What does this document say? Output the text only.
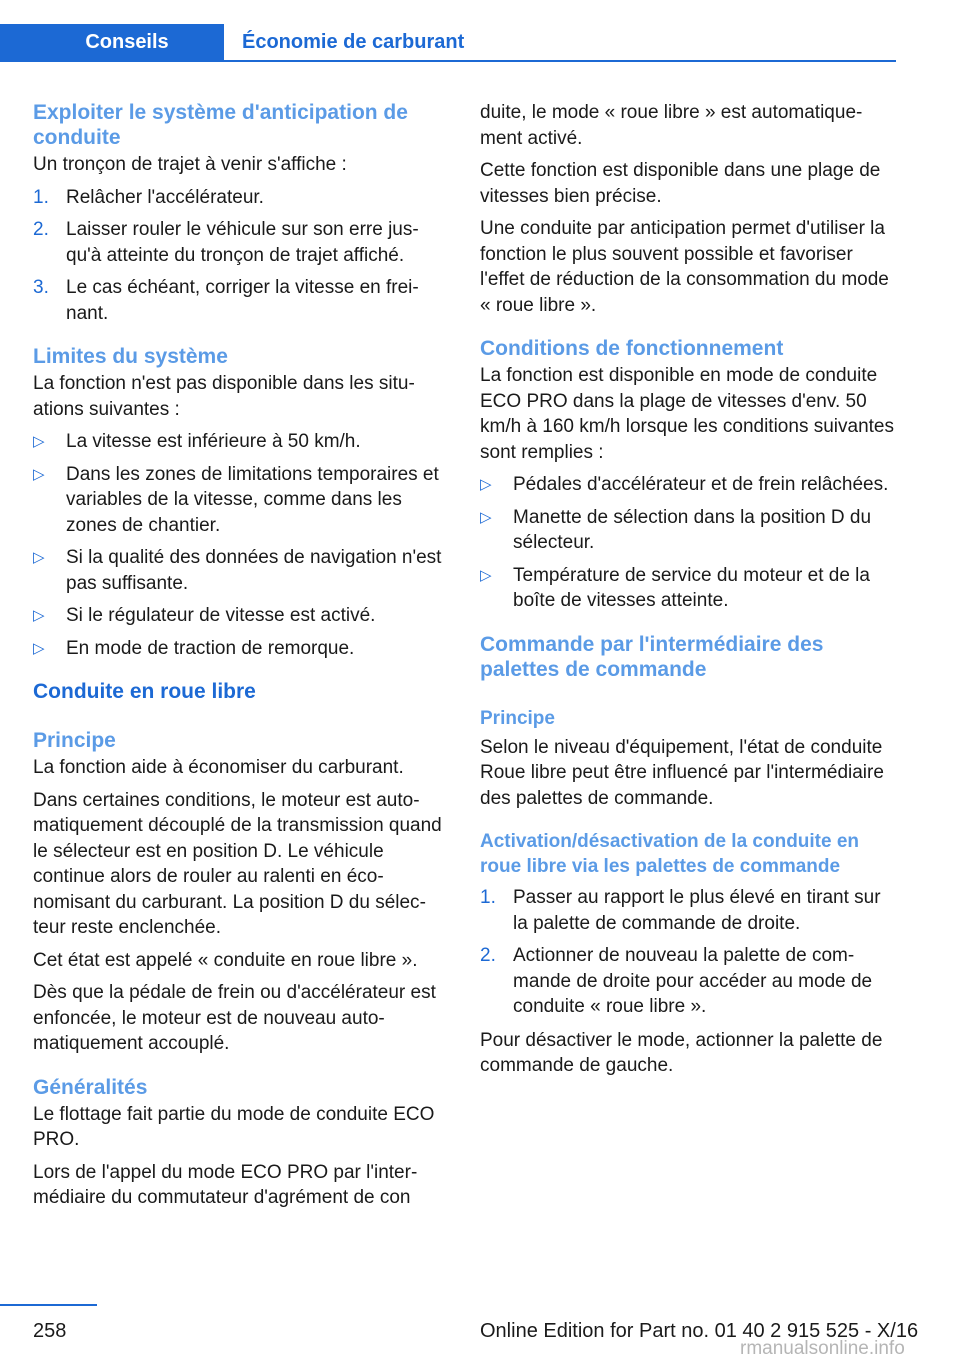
Conseils	Économie de carburant
Exploiter le système d'anticipation de conduite

Un tronçon de trajet à venir s'affiche :

1. Relâcher l'accélérateur.
2. Laisser rouler le véhicule sur son erre jusqu'à atteinte du tronçon de trajet affiché.
3. Le cas échéant, corriger la vitesse en freinant.
Limites du système

La fonction n'est pas disponible dans les situations suivantes :

▷ La vitesse est inférieure à 50 km/h.
▷ Dans les zones de limitations temporaires et variables de la vitesse, comme dans les zones de chantier.
▷ Si la qualité des données de navigation n'est pas suffisante.
▷ Si le régulateur de vitesse est activé.
▷ En mode de traction de remorque.
Conduite en roue libre
Principe

La fonction aide à économiser du carburant.

Dans certaines conditions, le moteur est automatiquement découplé de la transmission quand le sélecteur est en position D. Le véhicule continue alors de rouler au ralenti en économisant du carburant. La position D du sélecteur reste enclenchée.

Cet état est appelé « conduite en roue libre ».

Dès que la pédale de frein ou d'accélérateur est enfoncée, le moteur est de nouveau automatiquement accouplé.

Généralités

Le flottage fait partie du mode de conduite ECO PRO.

Lors de l'appel du mode ECO PRO par l'intermédiaire du commutateur d'agrément de con

duite, le mode « roue libre » est automatiquement activé.

Cette fonction est disponible dans une plage de vitesses bien précise.

Une conduite par anticipation permet d'utiliser la fonction le plus souvent possible et favoriser l'effet de réduction de la consommation du mode « roue libre ».

Conditions de fonctionnement

La fonction est disponible en mode de conduite ECO PRO dans la plage de vitesses d'env. 50 km/h à 160 km/h lorsque les conditions suivantes sont remplies :

▷ Pédales d'accélérateur et de frein relâchées.
▷ Manette de sélection dans la position D du sélecteur.
▷ Température de service du moteur et de la boîte de vitesses atteinte.
Commande par l'intermédiaire des palettes de commande
Principe

Selon le niveau d'équipement, l'état de conduite Roue libre peut être influencé par l'intermédiaire des palettes de commande.

Activation/désactivation de la conduite en roue libre via les palettes de commande
1. Passer au rapport le plus élevé en tirant sur la palette de commande de droite.
2. Actionner de nouveau la palette de commande de droite pour accéder au mode de conduite « roue libre ».

Pour désactiver le mode, actionner la palette de commande de gauche.

258	Online Edition for Part no. 01 40 2 915 525 - X/16
rmanualsonline.info
